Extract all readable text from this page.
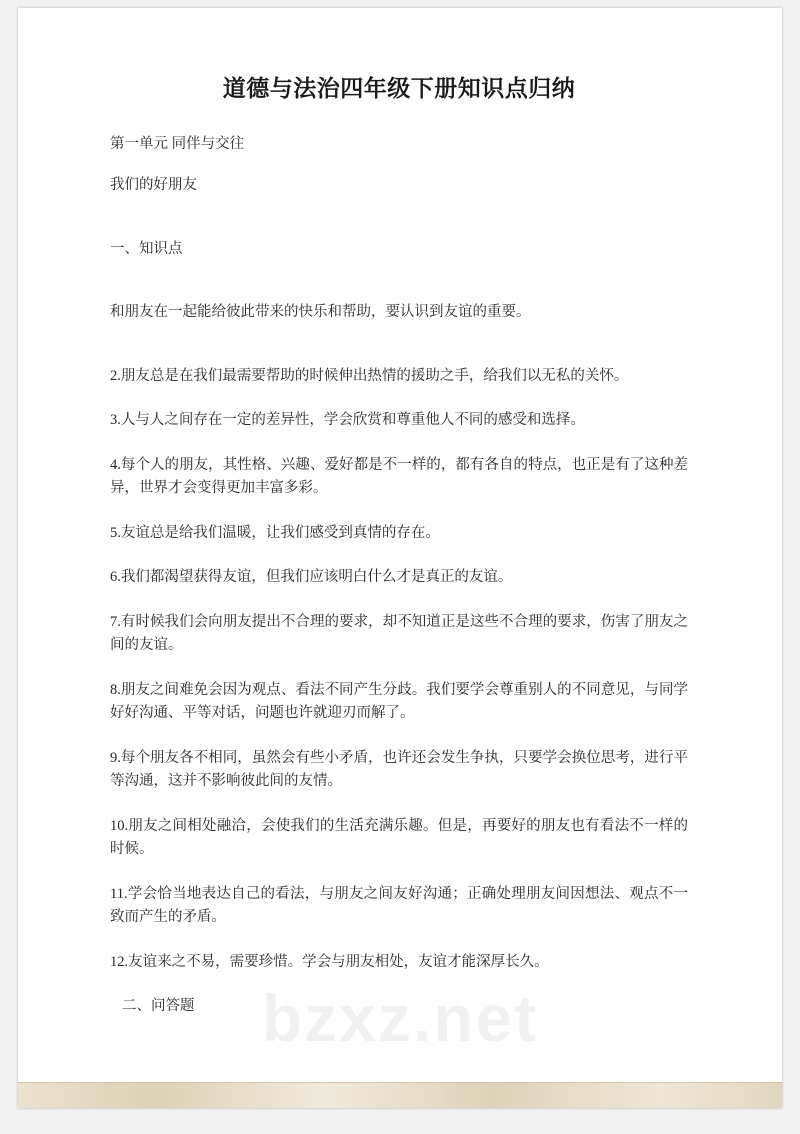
道德与法治四年级下册知识点归纳

第一单元 同伴与交往

我们的好朋友

一、知识点

和朋友在一起能给彼此带来的快乐和帮助，要认识到友谊的重要。

2.朋友总是在我们最需要帮助的时候伸出热情的援助之手，给我们以无私的关怀。

3.人与人之间存在一定的差异性，学会欣赏和尊重他人不同的感受和选择。

4.每个人的朋友，其性格、兴趣、爱好都是不一样的，都有各自的特点，也正是有了这种差异，世界才会变得更加丰富多彩。

5.友谊总是给我们温暖，让我们感受到真情的存在。

6.我们都渴望获得友谊，但我们应该明白什么才是真正的友谊。

7.有时候我们会向朋友提出不合理的要求，却不知道正是这些不合理的要求，伤害了朋友之间的友谊。

8.朋友之间难免会因为观点、看法不同产生分歧。我们要学会尊重别人的不同意见，与同学好好沟通、平等对话，问题也许就迎刃而解了。

9.每个朋友各不相同，虽然会有些小矛盾，也许还会发生争执，只要学会换位思考，进行平等沟通，这并不影响彼此间的友情。

10.朋友之间相处融洽，会使我们的生活充满乐趣。但是，再要好的朋友也有看法不一样的时候。

11.学会恰当地表达自己的看法，与朋友之间友好沟通；正确处理朋友间因想法、观点不一致而产生的矛盾。

12.友谊来之不易，需要珍惜。学会与朋友相处，友谊才能深厚长久。

二、问答题	bzxz.net
